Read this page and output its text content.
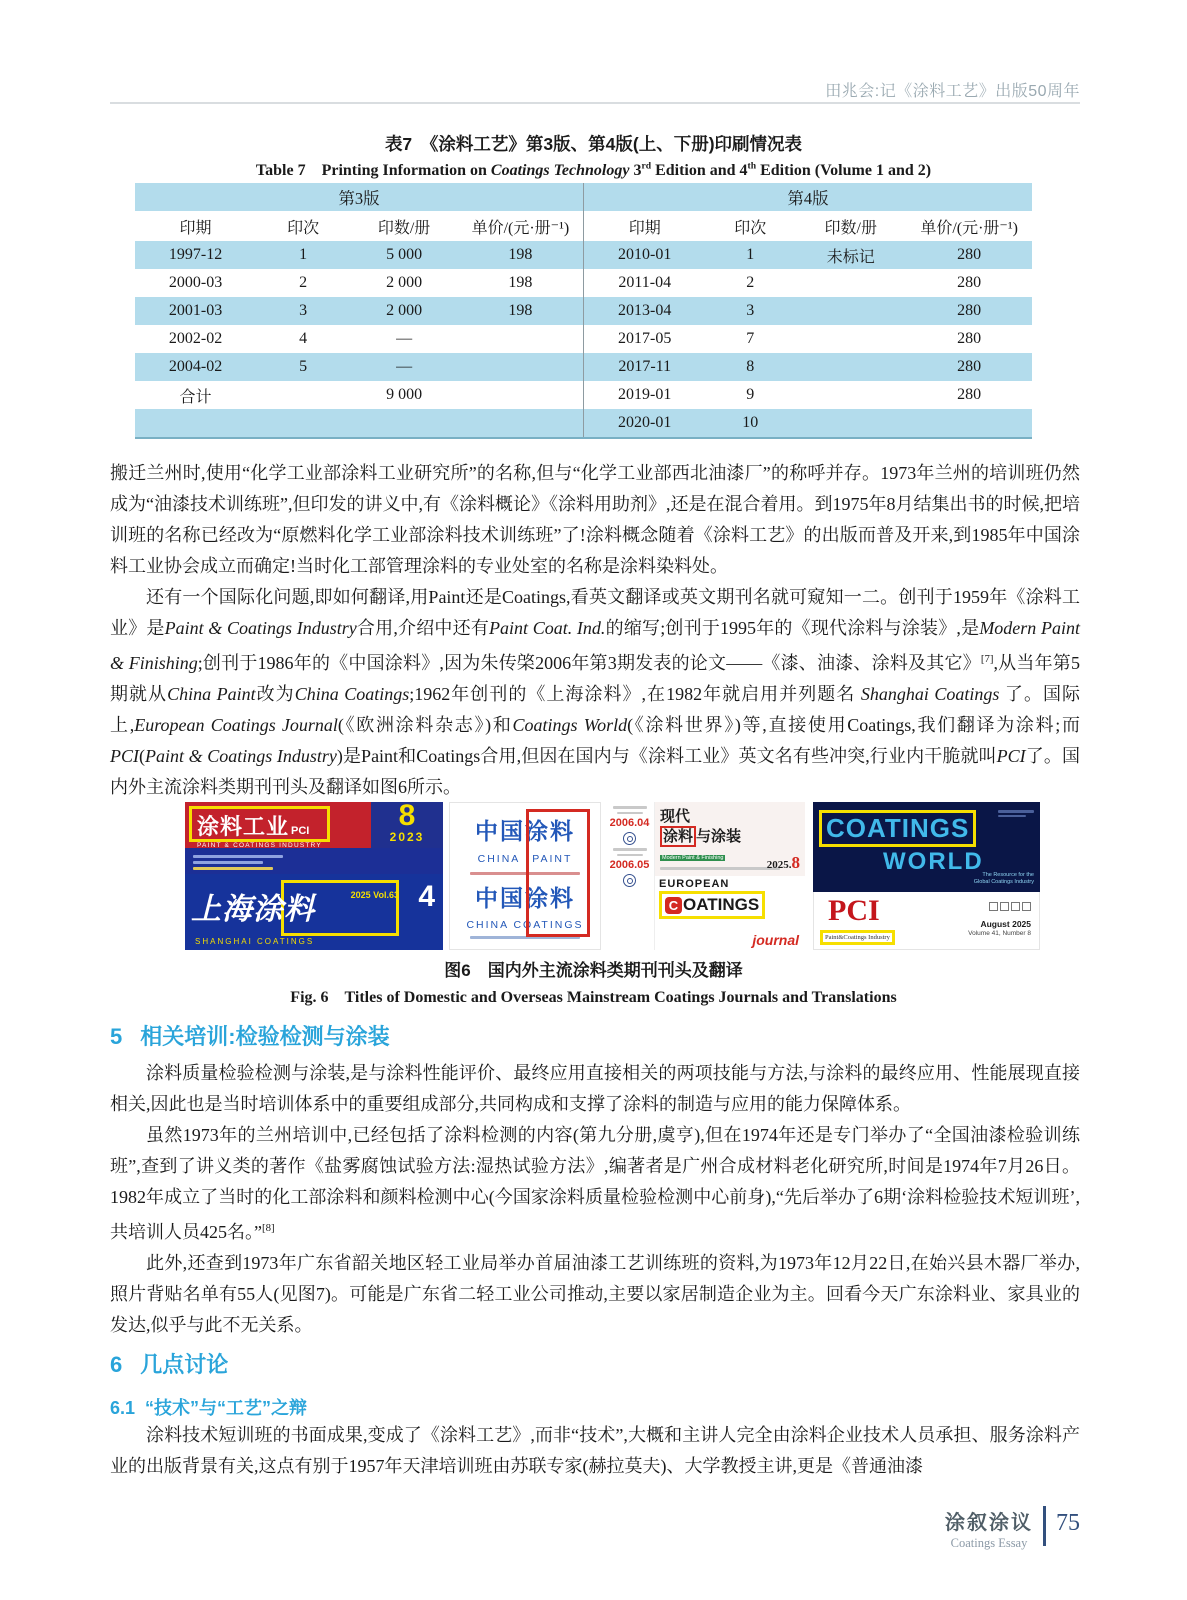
田兆会:记《涂料工艺》出版50周年
表7　《涂料工艺》第3版、第4版(上、下册)印刷情况表
Table 7　Printing Information on Coatings Technology 3rd Edition and 4th Edition (Volume 1 and 2)
第3版				第4版			
印期	印次	印数/册	单价/(元·册⁻¹)	印期	印次	印数/册	单价/(元·册⁻¹)
1997-12	1	5 000	198	2010-01	1	未标记	280
2000-03	2	2 000	198	2011-04	2		280
2001-03	3	2 000	198	2013-04	3		280
2002-02	4	—		2017-05	7		280
2004-02	5	—		2017-11	8		280
合计		9 000		2019-01	9		280
				2020-01	10		

搬迁兰州时,使用“化学工业部涂料工业研究所”的名称,但与“化学工业部西北油漆厂”的称呼并存。1973年兰州的培训班仍然成为“油漆技术训练班”,但印发的讲义中,有《涂料概论》《涂料用助剂》,还是在混合着用。到1975年8月结集出书的时候,把培训班的名称已经改为“原燃料化学工业部涂料技术训练班”了!涂料概念随着《涂料工艺》的出版而普及开来,到1985年中国涂料工业协会成立而确定!当时化工部管理涂料的专业处室的名称是涂料染料处。

还有一个国际化问题,即如何翻译,用Paint还是Coatings,看英文翻译或英文期刊名就可窥知一二。创刊于1959年《涂料工业》是Paint & Coatings Industry合用,介绍中还有Paint Coat. Ind.的缩写;创刊于1995年的《现代涂料与涂装》,是Modern Paint & Finishing;创刊于1986年的《中国涂料》,因为朱传棨2006年第3期发表的论文——《漆、油漆、涂料及其它》[7],从当年第5期就从China Paint改为China Coatings;1962年创刊的《上海涂料》,在1982年就启用并列题名 Shanghai Coatings 了。国际上,European Coatings Journal(《欧洲涂料杂志》)和Coatings World(《涂料世界》)等,直接使用Coatings,我们翻译为涂料;而PCI(Paint & Coatings Industry)是Paint和Coatings合用,但因在国内与《涂料工业》英文名有些冲突,行业内干脆就叫PCI了。国内外主流涂料类期刊刊头及翻译如图6所示。

涂料工业 PCI
PAINT & COATINGS INDUSTRY
8
2023
上海涂料	2025 Vol.63 4
SHANGHAI COATINGS
中国涂料
CHINA　PAINT
中国涂料
CHINA COATINGS
2006.04
2006.05
现代
涂料 与涂装
Modern Paint & Finishing
2025.8
EUROPEAN
C OATINGS
journal
COATINGS
WORLD
The Resource for the
Global Coatings Industry
PCI
Paint&Coatings Industry
August 2025
Volume 41, Number 8
图6　国内外主流涂料类期刊刊头及翻译
Fig. 6　Titles of Domestic and Overseas Mainstream Coatings Journals and Translations
5 相关培训:检验检测与涂装

涂料质量检验检测与涂装,是与涂料性能评价、最终应用直接相关的两项技能与方法,与涂料的最终应用、性能展现直接相关,因此也是当时培训体系中的重要组成部分,共同构成和支撑了涂料的制造与应用的能力保障体系。

虽然1973年的兰州培训中,已经包括了涂料检测的内容(第九分册,虞亨),但在1974年还是专门举办了“全国油漆检验训练班”,查到了讲义类的著作《盐雾腐蚀试验方法:湿热试验方法》,编著者是广州合成材料老化研究所,时间是1974年7月26日。1982年成立了当时的化工部涂料和颜料检测中心(今国家涂料质量检验检测中心前身),“先后举办了6期‘涂料检验技术短训班’,共培训人员425名。”[8]

此外,还查到1973年广东省韶关地区轻工业局举办首届油漆工艺训练班的资料,为1973年12月22日,在始兴县木器厂举办,照片背贴名单有55人(见图7)。可能是广东省二轻工业公司推动,主要以家居制造企业为主。回看今天广东涂料业、家具业的发达,似乎与此不无关系。

6 几点讨论
6.1 “技术”与“工艺”之辩

涂料技术短训班的书面成果,变成了《涂料工艺》,而非“技术”,大概和主讲人完全由涂料企业技术人员承担、服务涂料产业的出版背景有关,这点有别于1957年天津培训班由苏联专家(赫拉莫夫)、大学教授主讲,更是《普通油漆

涂叙涂议
Coatings Essay
75
